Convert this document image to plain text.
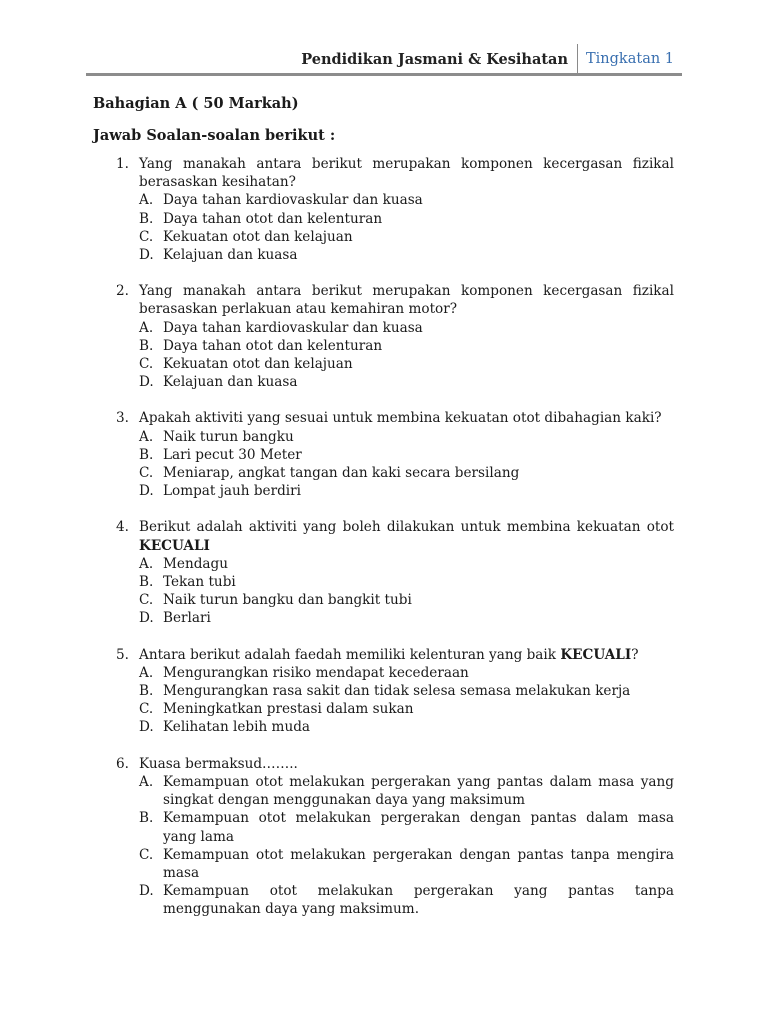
Pendidikan Jasmani & Kesihatan Tingkatan 1
Bahagian A ( 50 Markah)
Jawab Soalan-soalan berikut :
1. Yang manakah antara berikut merupakan komponen kecergasan fizikal berasaskan kesihatan?
A. Daya tahan kardiovaskular dan kuasa
B. Daya tahan otot dan kelenturan
C. Kekuatan otot dan kelajuan
D. Kelajuan dan kuasa
2. Yang manakah antara berikut merupakan komponen kecergasan fizikal berasaskan perlakuan atau kemahiran motor?
A. Daya tahan kardiovaskular dan kuasa
B. Daya tahan otot dan kelenturan
C. Kekuatan otot dan kelajuan
D. Kelajuan dan kuasa
3. Apakah aktiviti yang sesuai untuk membina kekuatan otot dibahagian kaki?
A. Naik turun bangku
B. Lari pecut 30 Meter
C. Meniarap, angkat tangan dan kaki secara bersilang
D. Lompat jauh berdiri
4. Berikut adalah aktiviti yang boleh dilakukan untuk membina kekuatan otot KECUALI
A. Mendagu
B. Tekan tubi
C. Naik turun bangku dan bangkit tubi
D. Berlari
5. Antara berikut adalah faedah memiliki kelenturan yang baik KECUALI?
A. Mengurangkan risiko mendapat kecederaan
B. Mengurangkan rasa sakit dan tidak selesa semasa melakukan kerja
C. Meningkatkan prestasi dalam sukan
D. Kelihatan lebih muda
6. Kuasa bermaksud……..
A. Kemampuan otot melakukan pergerakan yang pantas dalam masa yang singkat dengan menggunakan daya yang maksimum
B. Kemampuan otot melakukan pergerakan dengan pantas dalam masa yang lama
C. Kemampuan otot melakukan pergerakan dengan pantas tanpa mengira masa
D. Kemampuan otot melakukan pergerakan yang pantas tanpa menggunakan daya yang maksimum.
